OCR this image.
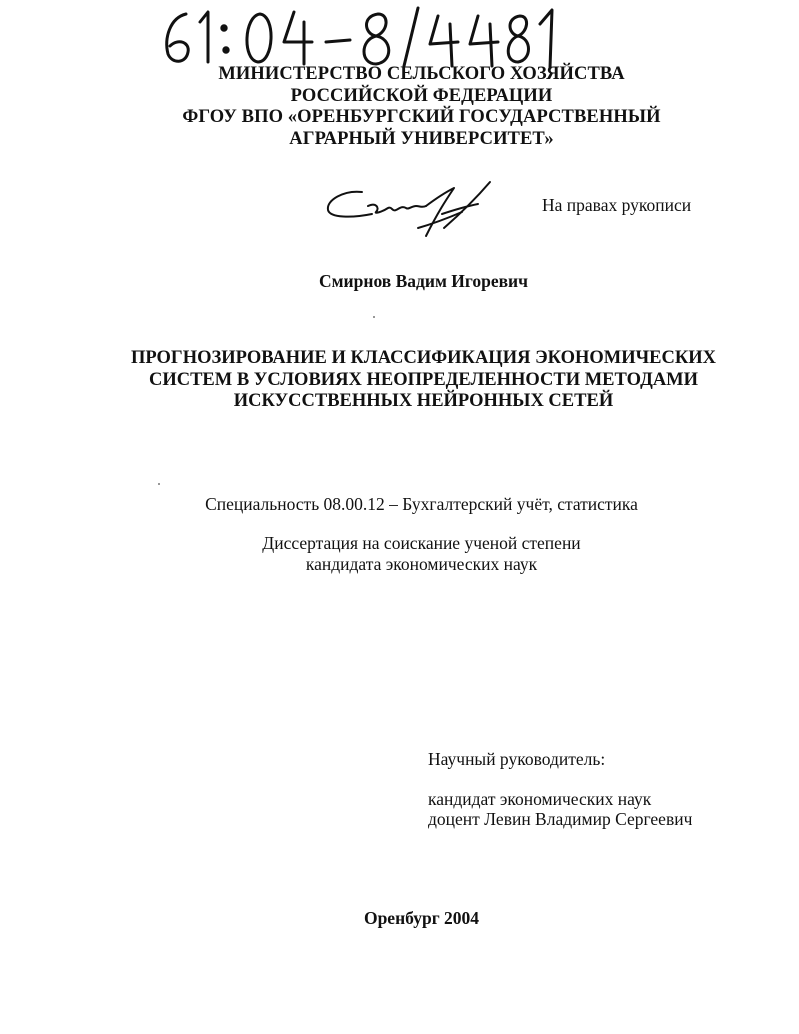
МИНИСТЕРСТВО СЕЛЬСКОГО ХОЗЯЙСТВА
РОССИЙСКОЙ ФЕДЕРАЦИИ
ФГОУ ВПО «ОРЕНБУРГСКИЙ ГОСУДАРСТВЕННЫЙ
АГРАРНЫЙ УНИВЕРСИТЕТ»
На правах рукописи
Смирнов Вадим Игоревич
ПРОГНОЗИРОВАНИЕ И КЛАССИФИКАЦИЯ ЭКОНОМИЧЕСКИХ
СИСТЕМ В УСЛОВИЯХ НЕОПРЕДЕЛЕННОСТИ МЕТОДАМИ
ИСКУССТВЕННЫХ НЕЙРОННЫХ СЕТЕЙ
Специальность 08.00.12 – Бухгалтерский учёт, статистика
Диссертация на соискание ученой степени
кандидата экономических наук
Научный руководитель:
кандидат экономических наук
доцент Левин Владимир Сергеевич
Оренбург 2004
